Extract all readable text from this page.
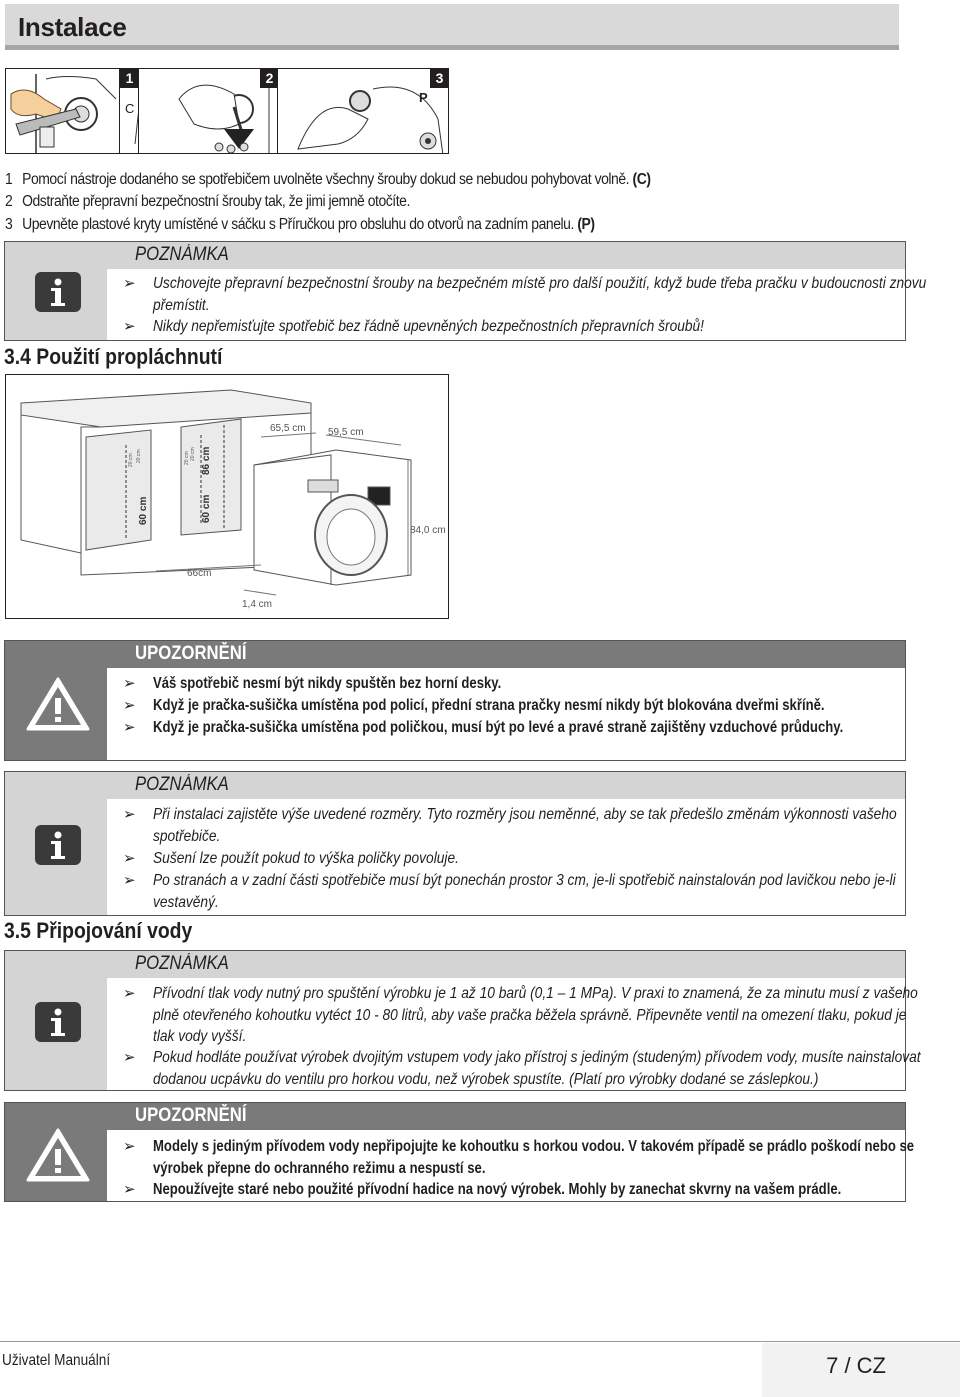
Instalace
1
C
2	3
P
1 Pomocí nástroje dodaného se spotřebičem uvolněte všechny šrouby dokud se nebudou pohybovat volně. (C)
2 Odstraňte přepravní bezpečnostní šrouby tak, že jimi jemně otočíte.
3 Upevněte plastové kryty umístěné v sáčku s Příručkou pro obsluhu do otvorů na zadním panelu. (P)
POZNÁMKA
➢ Uschovejte přepravní bezpečnostní šrouby na bezpečném místě pro další použití, když bude třeba pračku v budoucnosti znovu přemístit.
➢ Nikdy nepřemisťujte spotřebič bez řádně upevněných bezpečnostních přepravních šroubů!
3.4 Použití propláchnutí
65,5 cm 59,5 cm
84,0 cm
1,4 cm
66cm
86 cm
60 cm	60 cm
20 cm 20 cm	20 cm 20 cm
UPOZORNĚNÍ
➢ Váš spotřebič nesmí být nikdy spuštěn bez horní desky.
➢ Když je pračka-sušička umístěna pod policí, přední strana pračky nesmí nikdy být blokována dveřmi skříně.
➢ Když je pračka-sušička umístěna pod poličkou, musí být po levé a pravé straně zajištěny vzduchové průduchy.
POZNÁMKA
➢ Při instalaci zajistěte výše uvedené rozměry. Tyto rozměry jsou neměnné, aby se tak předešlo změnám výkonnosti vašeho spotřebiče.
➢ Sušení lze použít pokud to výška poličky povoluje.
➢ Po stranách a v zadní části spotřebiče musí být ponechán prostor 3 cm, je-li spotřebič nainstalován pod lavičkou nebo je-li vestavěný.
3.5 Připojování vody
POZNÁMKA
➢ Přívodní tlak vody nutný pro spuštění výrobku je 1 až 10 barů (0,1 – 1 MPa). V praxi to znamená, že za minutu musí z vašeho plně otevřeného kohoutku vytéct 10 - 80 litrů, aby vaše pračka běžela správně. Připevněte ventil na omezení tlaku, pokud je tlak vody vyšší.
➢ Pokud hodláte používat výrobek dvojitým vstupem vody jako přístroj s jediným (studeným) přívodem vody, musíte nainstalovat dodanou ucpávku do ventilu pro horkou vodu, než výrobek spustíte. (Platí pro výrobky dodané se záslepkou.)
UPOZORNĚNÍ
➢ Modely s jediným přívodem vody nepřipojujte ke kohoutku s horkou vodou. V takovém případě se prádlo poškodí nebo se výrobek přepne do ochranného režimu a nespustí se.
➢ Nepoužívejte staré nebo použité přívodní hadice na nový výrobek. Mohly by zanechat skvrny na vašem prádle.
Uživatel Manuální	7 / CZ
